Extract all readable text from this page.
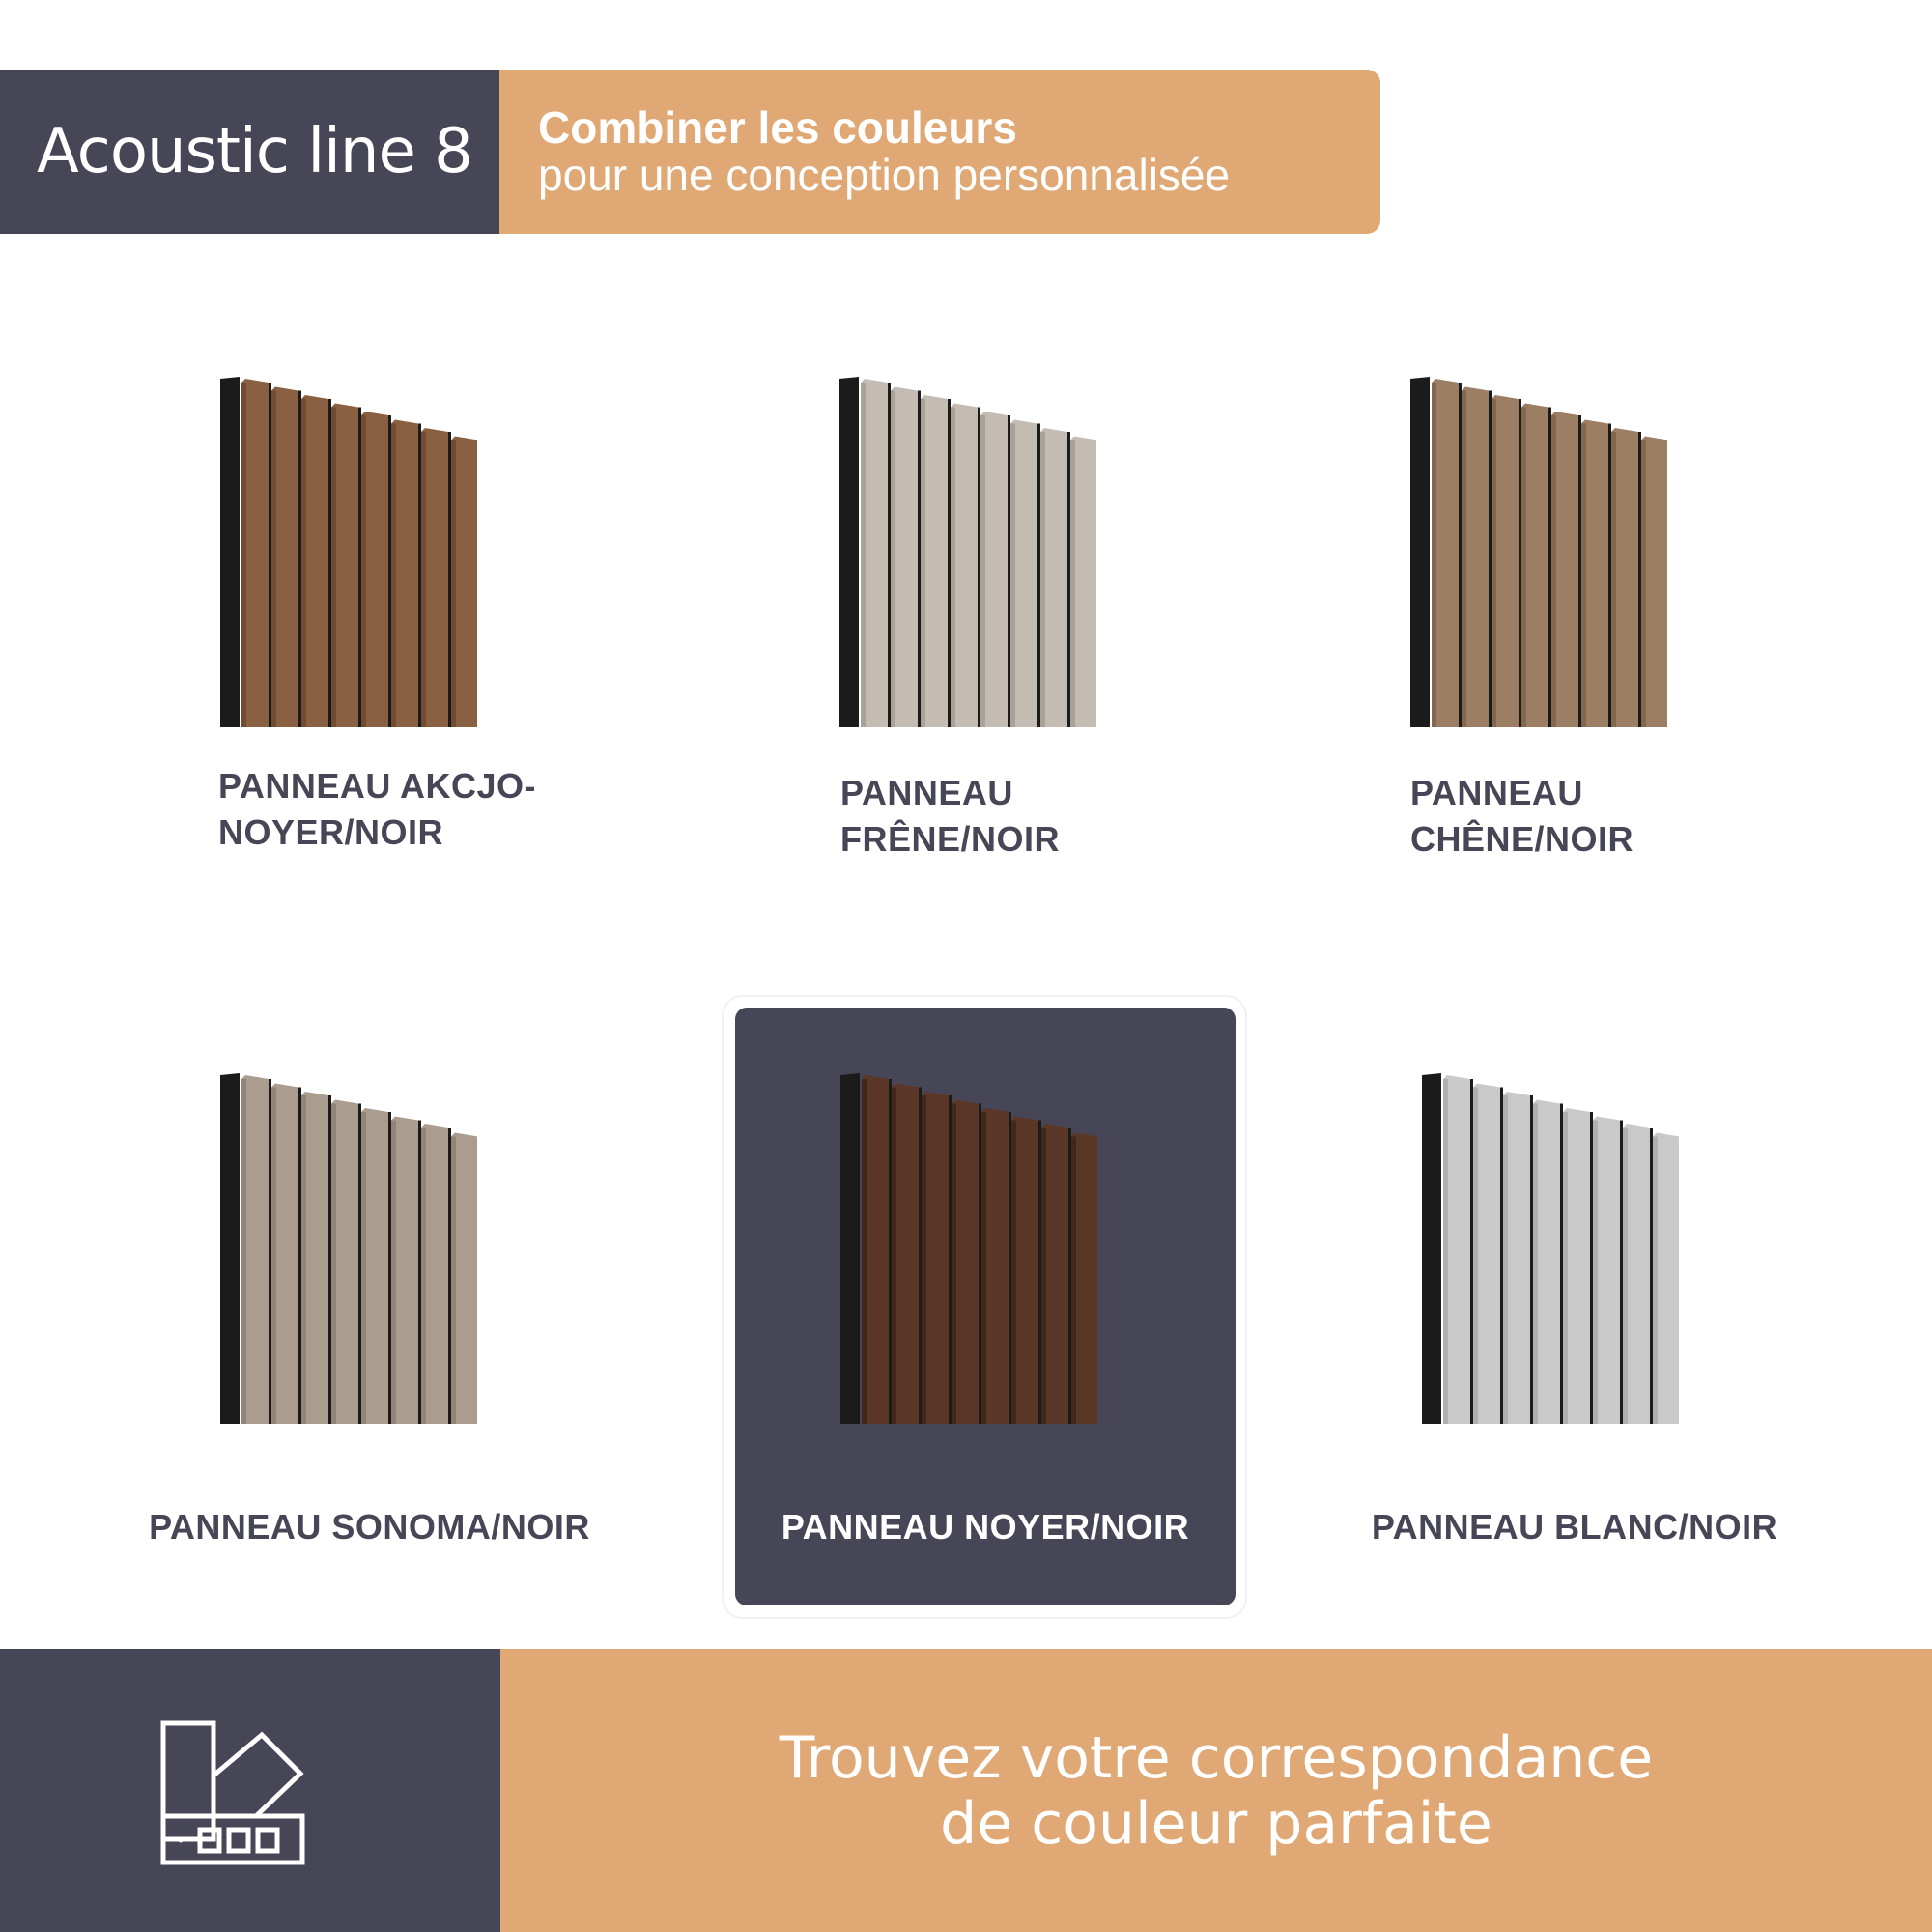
Acoustic line 8 Combiner les couleurs
pour une conception personnalisée
PANNEAU AKCJO-
NOYER/NOIR
PANNEAU
FRÊNE/NOIR
PANNEAU
CHÊNE/NOIR
PANNEAU SONOMA/NOIR	PANNEAU NOYER/NOIR	PANNEAU BLANC/NOIR
Trouvez votre correspondance
de couleur parfaite
